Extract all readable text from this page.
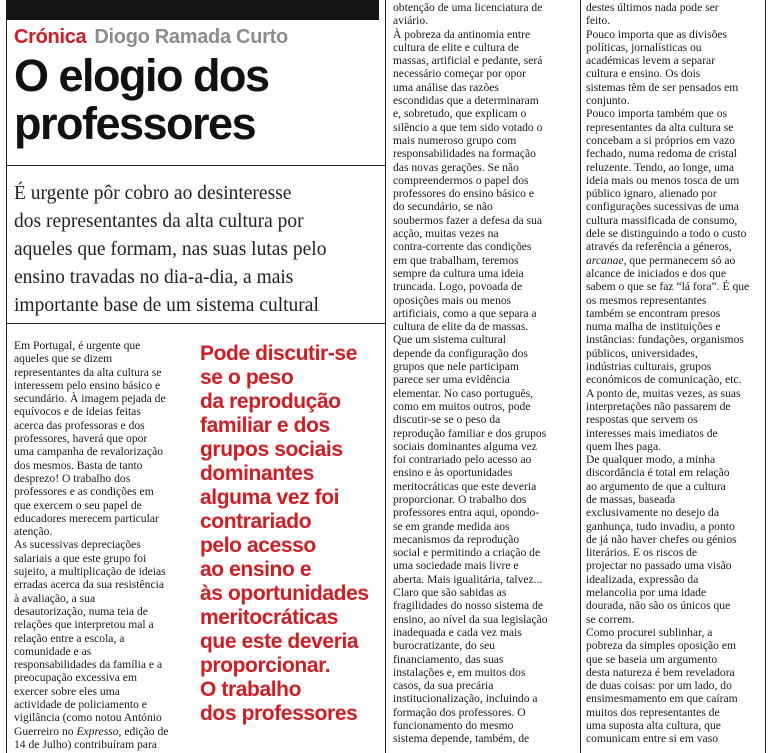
Crónica Diogo Ramada Curto
O elogio dos
professores
É urgente pôr cobro ao desinteresse
dos representantes da alta cultura por
aqueles que formam, nas suas lutas pelo
ensino travadas no dia-a-dia, a mais
importante base de um sistema cultural
Em Portugal, é urgente que
aqueles que se dizem
representantes da alta cultura se
interessem pelo ensino básico e
secundário. À imagem pejada de
equívocos e de ideias feitas
acerca das professoras e dos
professores, haverá que opor
uma campanha de revalorização
dos mesmos. Basta de tanto
desprezo! O trabalho dos
professores e as condições em
que exercem o seu papel de
educadores merecem particular
atenção.
As sucessivas depreciações
salariais a que este grupo foi
sujeito, a multiplicação de ideias
erradas acerca da sua resistência
à avaliação, a sua
desautorização, numa teia de
relações que interpretou mal a
relação entre a escola, a
comunidade e as
responsabilidades da família e a
preocupação excessiva em
exercer sobre eles uma
actividade de policiamento e
vigilância (como notou António
Guerreiro no Expresso, edição de
14 de Julho) contribuíram para
Pode discutir-se
se o peso
da reprodução
familiar e dos
grupos sociais
dominantes
alguma vez foi
contrariado
pelo acesso
ao ensino e
às oportunidades
meritocráticas
que este deveria
proporcionar.
O trabalho
dos professores
obtenção de uma licenciatura de
aviário.
À pobreza da antinomia entre
cultura de elite e cultura de
massas, artificial e pedante, será
necessário começar por opor
uma análise das razões
escondidas que a determinaram
e, sobretudo, que explicam o
silêncio a que tem sido votado o
mais numeroso grupo com
responsabilidades na formação
das novas gerações. Se não
compreendermos o papel dos
professores do ensino básico e
do secundário, se não
soubermos fazer a defesa da sua
acção, muitas vezes na
contra-corrente das condições
em que trabalham, teremos
sempre da cultura uma ideia
truncada. Logo, povoada de
oposições mais ou menos
artificiais, como a que separa a
cultura de elite da de massas.
Que um sistema cultural
depende da configuração dos
grupos que nele participam
parece ser uma evidência
elementar. No caso português,
como em muitos outros, pode
discutir-se se o peso da
reprodução familiar e dos grupos
sociais dominantes alguma vez
foi contrariado pelo acesso ao
ensino e às oportunidades
meritocráticas que este deveria
proporcionar. O trabalho dos
professores entra aqui, opondo-
se em grande medida aos
mecanismos da reprodução
social e permitindo a criação de
uma sociedade mais livre e
aberta. Mais igualitária, talvez...
Claro que são sabidas as
fragilidades do nosso sistema de
ensino, ao nível da sua legislação
inadequada e cada vez mais
burocratizante, do seu
financiamento, das suas
instalações e, em muitos dos
casos, da sua precária
institucionalização, incluindo a
formação dos professores. O
funcionamento do mesmo
sistema depende, também, de
destes últimos nada pode ser
feito.
Pouco importa que as divisões
políticas, jornalísticas ou
académicas levem a separar
cultura e ensino. Os dois
sistemas têm de ser pensados em
conjunto.
Pouco importa também que os
representantes da alta cultura se
concebam a si próprios em vazo
fechado, numa redoma de cristal
reluzente. Tendo, ao longe, uma
ideia mais ou menos tosca de um
público ignaro, alienado por
configurações sucessivas de uma
cultura massificada de consumo,
dele se distinguindo a todo o custo
através da referência a géneros,
arcanae, que permanecem só ao
alcance de iniciados e dos que
sabem o que se faz “lá fora”. É que
os mesmos representantes
também se encontram presos
numa malha de instituições e
instâncias: fundações, organismos
públicos, universidades,
indústrias culturais, grupos
económicos de comunicação, etc.
A ponto de, muitas vezes, as suas
interpretações não passarem de
respostas que servem os
interesses mais imediatos de
quem lhes paga.
De qualquer modo, a minha
discordância é total em relação
ao argumento de que a cultura
de massas, baseada
exclusivamente no desejo da
ganhunça, tudo invadiu, a ponto
de já não haver chefes ou génios
literários. E os riscos de
projectar no passado uma visão
idealizada, expressão da
melancolia por uma idade
dourada, não são os únicos que
se correm.
Como procurei sublinhar, a
pobreza da simples oposição em
que se baseia um argumento
desta natureza é bem reveladora
de duas coisas: por um lado, do
ensimesmamento em que caíram
muitos dos representantes de
uma suposta alta cultura, que
comunicam entre si em vaso
